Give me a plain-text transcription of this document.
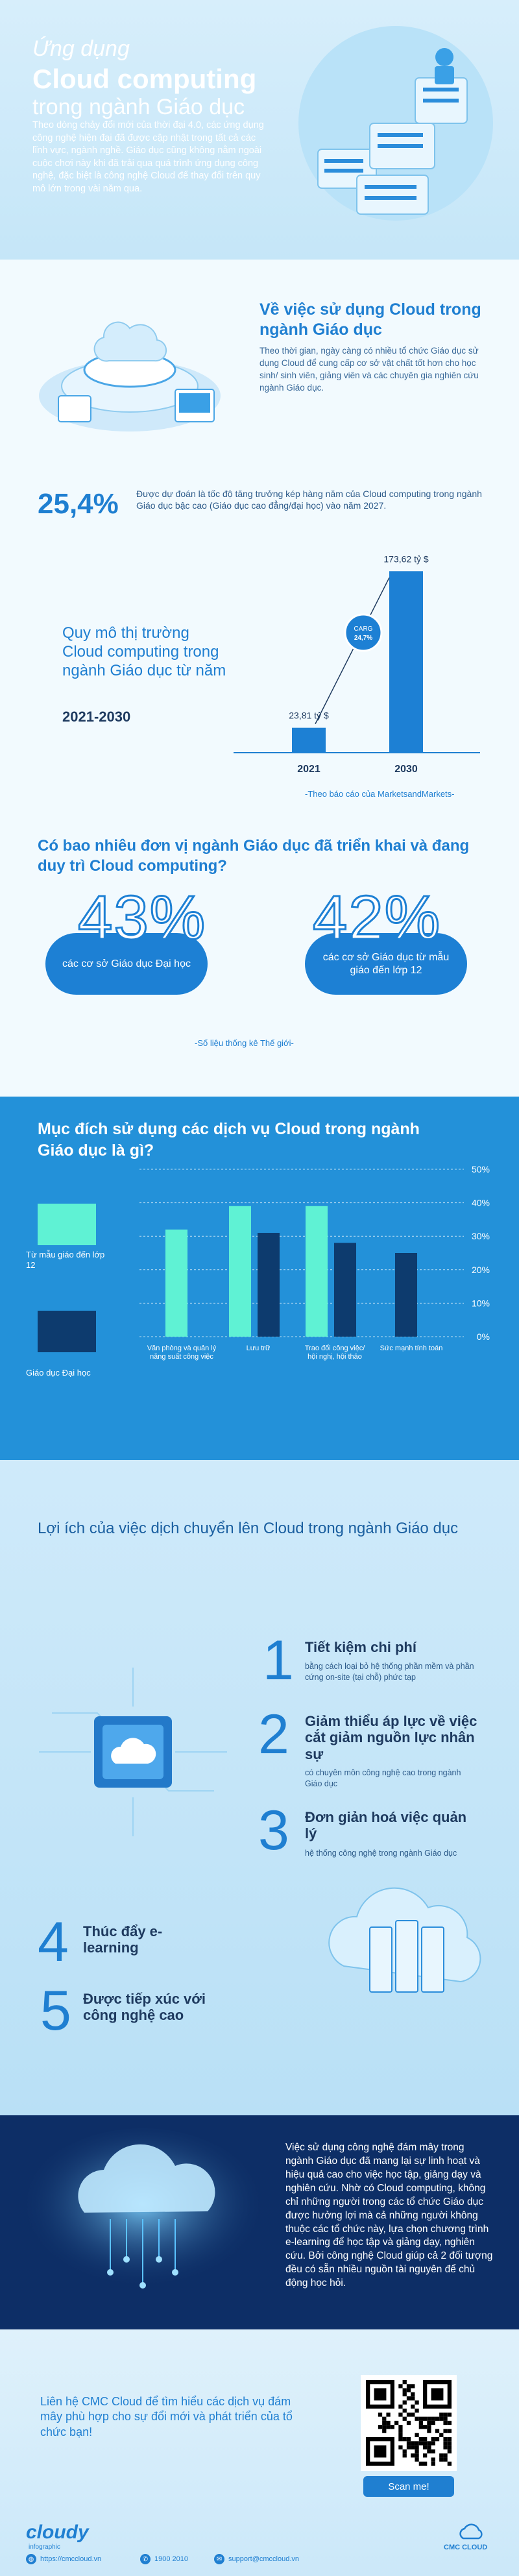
Ứng dụng
Cloud computing
trong ngành Giáo dục
Theo dòng chảy đổi mới của thời đại 4.0, các ứng dụng công nghệ hiện đại đã được cập nhật trong tất cả các lĩnh vực, ngành nghề. Giáo dục cũng không nằm ngoài cuộc chơi này khi đã trải qua quá trình ứng dụng công nghệ, đặc biệt là công nghệ Cloud để thay đổi trên quy mô lớn trong vài năm qua.
Về việc sử dụng Cloud trong ngành Giáo dục
Theo thời gian, ngày càng có nhiều tổ chức Giáo dục sử dụng Cloud để cung cấp cơ sở vật chất tốt hơn cho học sinh/ sinh viên, giảng viên và các chuyên gia nghiên cứu ngành Giáo dục.
25,4% Được dự đoán là tốc độ tăng trưởng kép hàng năm của Cloud computing trong ngành Giáo dục bậc cao (Giáo dục cao đẳng/đại học) vào năm 2027.
Quy mô thị trường Cloud computing trong ngành Giáo dục từ năm
2021-2030	23,81 tỷ $
2021
173,62 tỷ $
2030
CARG
24,7%
-Theo báo cáo của MarketsandMarkets-
Có bao nhiêu đơn vị ngành Giáo dục đã triển khai và đang duy trì Cloud computing?
các cơ sở Giáo dục Đại học
43%
các cơ sở Giáo dục từ mẫu giáo đến lớp 12
42%
-Số liệu thống kê Thế giới-
Mục đích sử dụng các dịch vụ Cloud trong ngành Giáo dục là gì?
Từ mẫu giáo đến lớp 12
Giáo dục Đại học
50%
40%
30%
20%
10%
0%
Văn phòng và quản lý năng suất công việc
Lưu trữ	Trao đổi công việc/ hội nghị, hội thảo
Sức mạnh tính toán
Lợi ích của việc dịch chuyển lên Cloud trong ngành Giáo dục
1 Tiết kiệm chi phí
bằng cách loại bỏ hệ thống phần mềm và phần cứng on-site (tại chỗ) phức tạp
2 Giảm thiểu áp lực về việc cắt giảm nguồn lực nhân sự
có chuyên môn công nghệ cao trong ngành Giáo dục
3 Đơn giản hoá việc quản lý
hệ thống công nghệ trong ngành Giáo dục
4 Thúc đẩy e-learning
5 Được tiếp xúc với công nghệ cao
Việc sử dụng công nghệ đám mây trong ngành Giáo dục đã mang lại sự linh hoạt và hiệu quả cao cho việc học tập, giảng dạy và nghiên cứu. Nhờ có Cloud computing, không chỉ những người trong các tổ chức Giáo dục được hưởng lợi mà cả những người không thuộc các tổ chức này, lựa chọn chương trình e-learning để học tập và giảng dạy, nghiên cứu. Bởi công nghệ Cloud giúp cả 2 đối tượng đều có sẵn nhiều nguồn tài nguyên để chủ động học hỏi.
Liên hệ CMC Cloud để tìm hiểu các dịch vụ đám mây phù hợp cho sự đổi mới và phát triển của tổ chức bạn!
Scan me!
cloudy
infographic	CMC CLOUD
◍ https://cmccloud.vn	✆ 1900 2010	✉ support@cmccloud.vn
